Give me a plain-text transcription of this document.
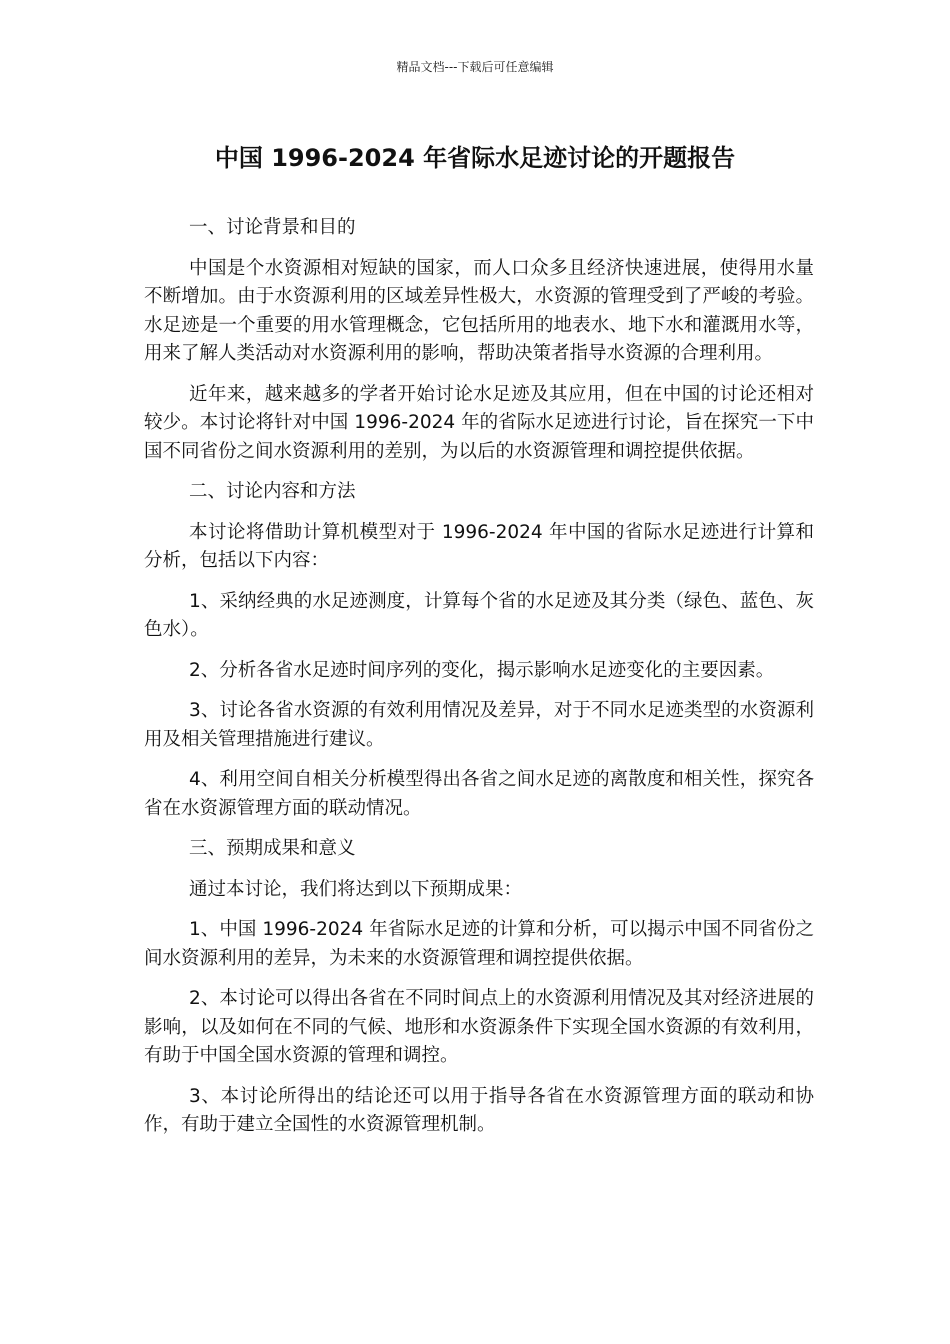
精品文档---下载后可任意编辑
中国 1996-2024 年省际水足迹讨论的开题报告

一、讨论背景和目的

中国是个水资源相对短缺的国家，而人口众多且经济快速进展，使得用水量不断增加。由于水资源利用的区域差异性极大，水资源的管理受到了严峻的考验。水足迹是一个重要的用水管理概念，它包括所用的地表水、地下水和灌溉用水等，用来了解人类活动对水资源利用的影响，帮助决策者指导水资源的合理利用。

近年来，越来越多的学者开始讨论水足迹及其应用，但在中国的讨论还相对较少。本讨论将针对中国 1996-2024 年的省际水足迹进行讨论，旨在探究一下中国不同省份之间水资源利用的差别，为以后的水资源管理和调控提供依据。

二、讨论内容和方法

本讨论将借助计算机模型对于 1996-2024 年中国的省际水足迹进行计算和分析，包括以下内容：

1、采纳经典的水足迹测度，计算每个省的水足迹及其分类（绿色、蓝色、灰色水）。

2、分析各省水足迹时间序列的变化，揭示影响水足迹变化的主要因素。

3、讨论各省水资源的有效利用情况及差异，对于不同水足迹类型的水资源利用及相关管理措施进行建议。

4、利用空间自相关分析模型得出各省之间水足迹的离散度和相关性，探究各省在水资源管理方面的联动情况。

三、预期成果和意义

通过本讨论，我们将达到以下预期成果：

1、中国 1996-2024 年省际水足迹的计算和分析，可以揭示中国不同省份之间水资源利用的差异，为未来的水资源管理和调控提供依据。

2、本讨论可以得出各省在不同时间点上的水资源利用情况及其对经济进展的影响，以及如何在不同的气候、地形和水资源条件下实现全国水资源的有效利用，有助于中国全国水资源的管理和调控。

3、本讨论所得出的结论还可以用于指导各省在水资源管理方面的联动和协作，有助于建立全国性的水资源管理机制。
